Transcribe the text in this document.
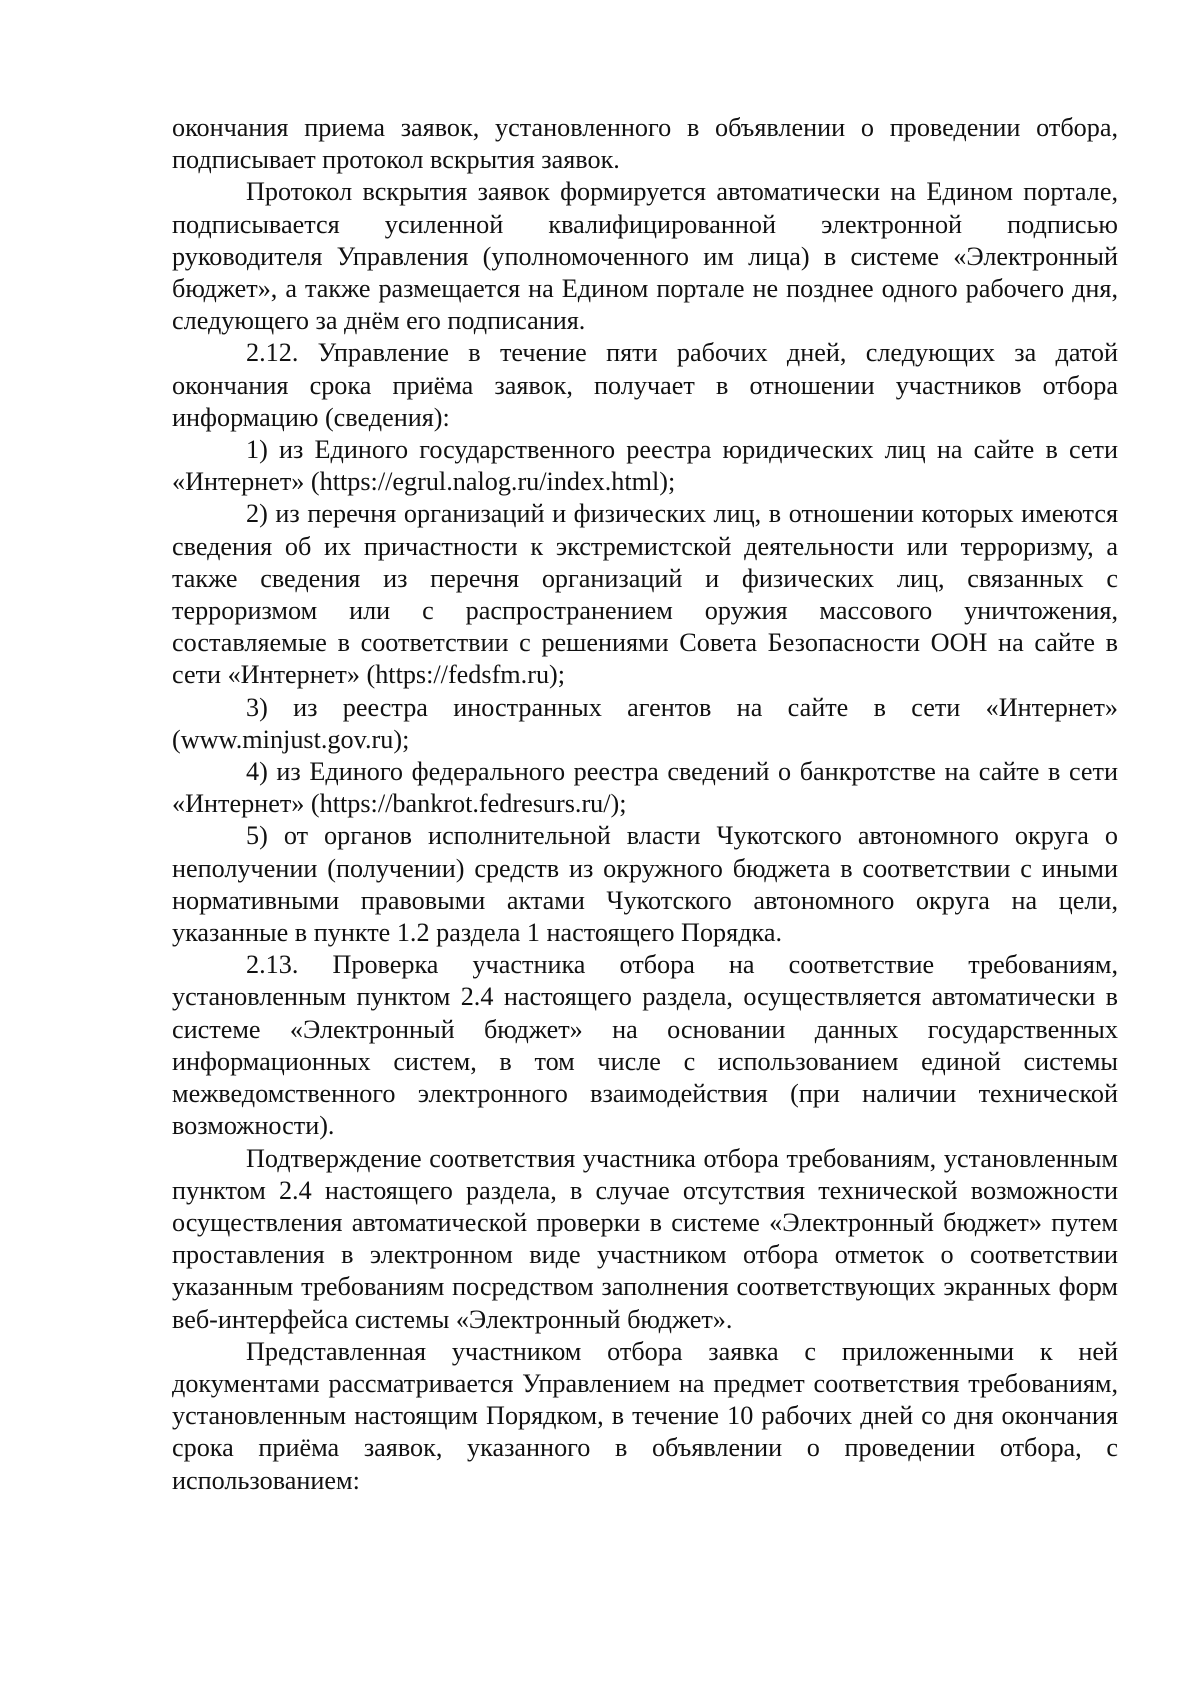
окончания приема заявок, установленного в объявлении о проведении отбора, подписывает протокол вскрытия заявок.

Протокол вскрытия заявок формируется автоматически на Едином портале, подписывается усиленной квалифицированной электронной подписью руководителя Управления (уполномоченного им лица) в системе «Электронный бюджет», а также размещается на Едином портале не позднее одного рабочего дня, следующего за днём его подписания.

2.12. Управление в течение пяти рабочих дней, следующих за датой окончания срока приёма заявок, получает в отношении участников отбора информацию (сведения):

1) из Единого государственного реестра юридических лиц на сайте в сети «Интернет» (https://egrul.nalog.ru/index.html);

2) из перечня организаций и физических лиц, в отношении которых имеются сведения об их причастности к экстремистской деятельности или терроризму, а также сведения из перечня организаций и физических лиц, связанных с терроризмом или с распространением оружия массового уничтожения, составляемые в соответствии с решениями Совета Безопасности ООН на сайте в сети «Интернет» (https://fedsfm.ru);

3) из реестра иностранных агентов на сайте в сети «Интернет» (www.minjust.gov.ru);

4) из Единого федерального реестра сведений о банкротстве на сайте в сети «Интернет» (https://bankrot.fedresurs.ru/);

5) от органов исполнительной власти Чукотского автономного округа о неполучении (получении) средств из окружного бюджета в соответствии с иными нормативными правовыми актами Чукотского автономного округа на цели, указанные в пункте 1.2 раздела 1 настоящего Порядка.

2.13. Проверка участника отбора на соответствие требованиям, установленным пунктом 2.4 настоящего раздела, осуществляется автоматически в системе «Электронный бюджет» на основании данных государственных информационных систем, в том числе с использованием единой системы межведомственного электронного взаимодействия (при наличии технической возможности).

Подтверждение соответствия участника отбора требованиям, установленным пунктом 2.4 настоящего раздела, в случае отсутствия технической возможности осуществления автоматической проверки в системе «Электронный бюджет» путем проставления в электронном виде участником отбора отметок о соответствии указанным требованиям посредством заполнения соответствующих экранных форм веб-интерфейса системы «Электронный бюджет».

Представленная участником отбора заявка с приложенными к ней документами рассматривается Управлением на предмет соответствия требованиям, установленным настоящим Порядком, в течение 10 рабочих дней со дня окончания срока приёма заявок, указанного в объявлении о проведении отбора, с использованием:
